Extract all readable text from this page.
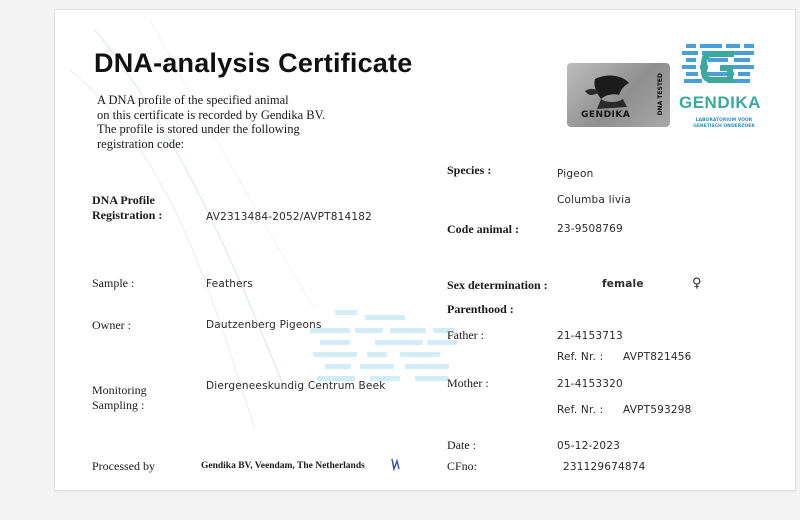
DNA-analysis Certificate
A DNA profile of the specified animal
on this certificate is recorded by Gendika BV.
The profile is stored under the following
registration code:
GENDIKA	DNA TESTED GENDIKA
LABORATORIUM VOOR
GENETISCH ONDERZOEK
DNA Profile
Registration :	AV2313484-2052/AVPT814182
Sample :	Feathers
Owner :	Dautzenberg Pigeons
Monitoring
Sampling :
Diergeneeskundig Centrum Beek
Processed by	Gendika BV, Veendam, The Netherlands
Species :	Pigeon
Columba livia
Code animal :	23-9508769
Sex determination :	female	♀
Parenthood :
Father :	21-4153713
Ref. Nr. : AVPT821456
Mother :	21-4153320
Ref. Nr. : AVPT593298
Date :	05-12-2023
CFno:	231129674874
